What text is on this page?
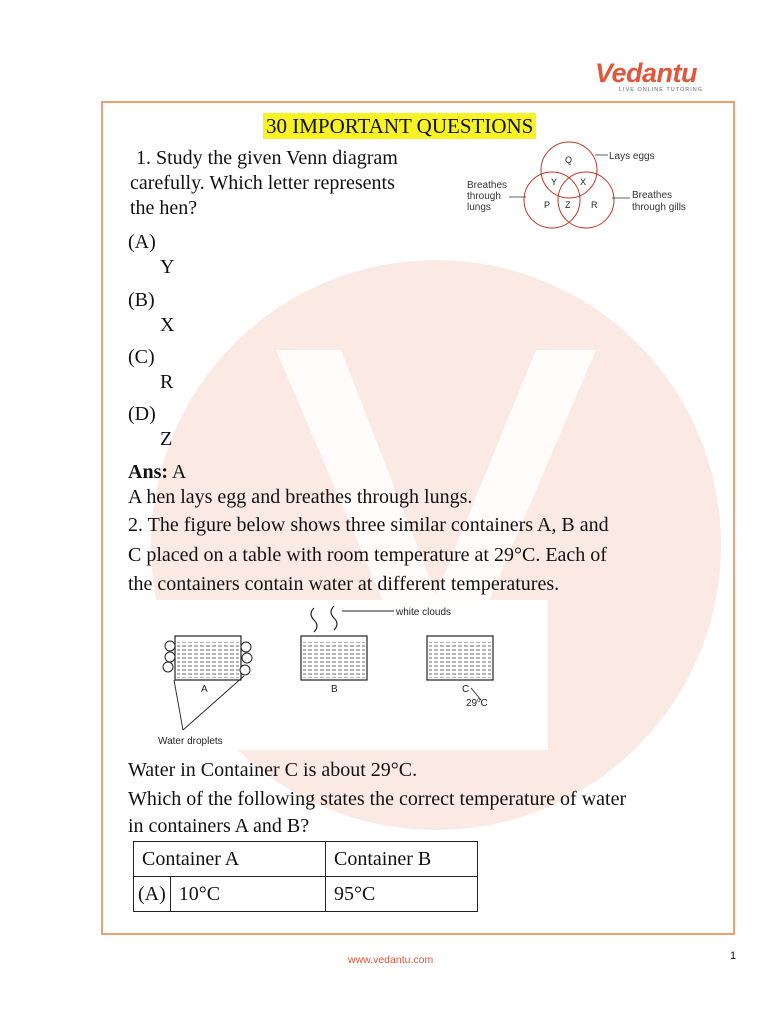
Vedantu
LIVE ONLINE TUTORING
30 IMPORTANT QUESTIONS
1. Study the given Venn diagram
carefully. Which letter represents
the hen?
(A)
Y
(B)
X
(C)
R
(D)
Z
Ans: A
A hen lays egg and breathes through lungs.
Lays eggs
Breathes
through
lungs
Breathes
through gills
Q
Y	X
P Z R
2. The figure below shows three similar containers A, B and
C placed on a table with room temperature at 29°C. Each of
the containers contain water at different temperatures.
white clouds
A	B	C
29$^o$C
Water droplets
Water in Container C is about 29°C.
Which of the following states the correct temperature of water
in containers A and B?
Container A		Container B
(A)	10°C	95°C
www.vedantu.com	1
